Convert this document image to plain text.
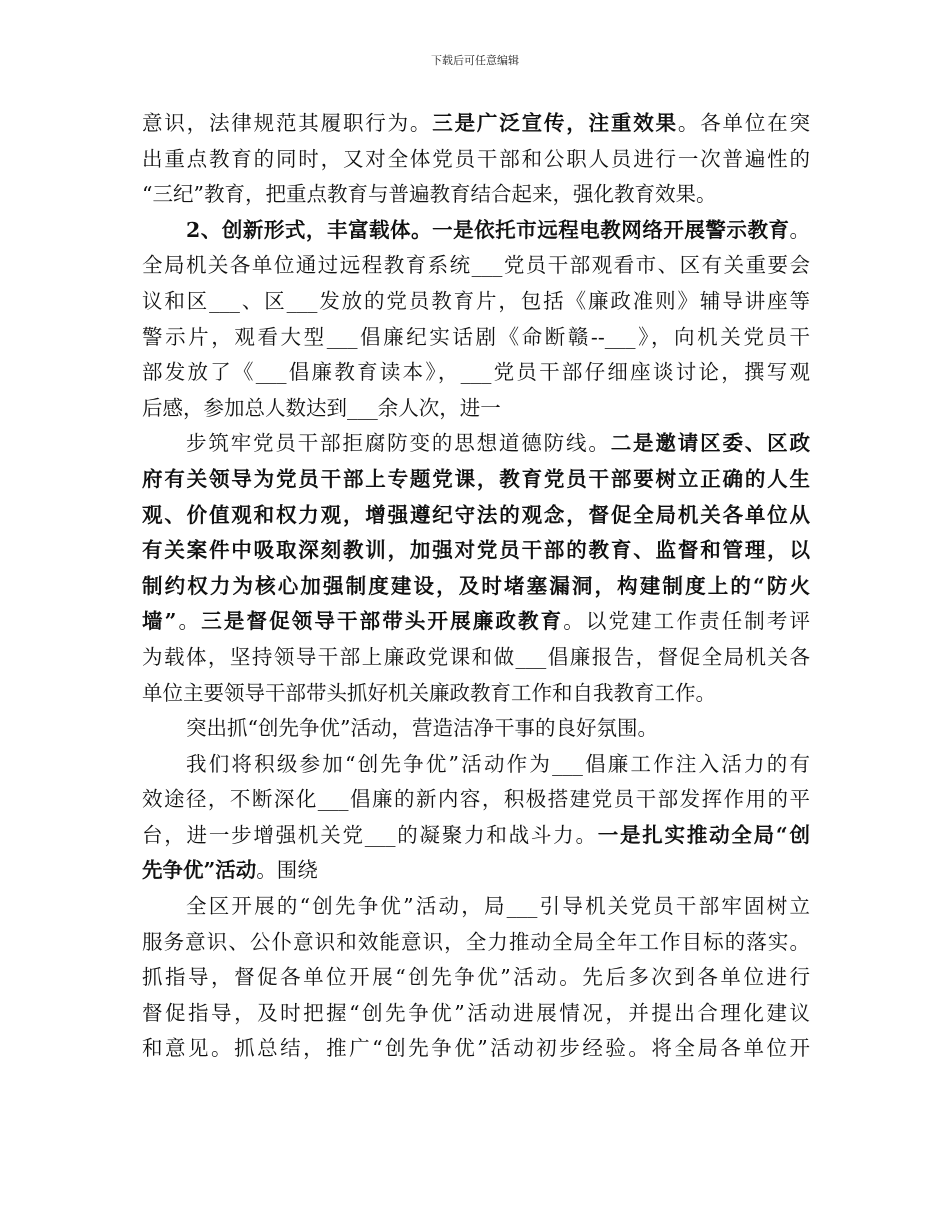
下载后可任意编辑
意识，法律规范其履职行为。三是广泛宣传，注重效果。各单位在突
出重点教育的同时，又对全体党员干部和公职人员进行一次普遍性的
“三纪”教育，把重点教育与普遍教育结合起来，强化教育效果。
2、创新形式，丰富载体。一是依托市远程电教网络开展警示教育。
全局机关各单位通过远程教育系统___党员干部观看市、区有关重要会
议和区___、区___发放的党员教育片，包括《廉政准则》辅导讲座等
警示片，观看大型___倡廉纪实话剧《命断赣--___》，向机关党员干
部发放了《___倡廉教育读本》，___党员干部仔细座谈讨论，撰写观
后感，参加总人数达到___余人次，进一
步筑牢党员干部拒腐防变的思想道德防线。二是邀请区委、区政
府有关领导为党员干部上专题党课，教育党员干部要树立正确的人生
观、价值观和权力观，增强遵纪守法的观念，督促全局机关各单位从
有关案件中吸取深刻教训，加强对党员干部的教育、监督和管理，以
制约权力为核心加强制度建设，及时堵塞漏洞，构建制度上的“防火
墙”。三是督促领导干部带头开展廉政教育。以党建工作责任制考评
为载体，坚持领导干部上廉政党课和做___倡廉报告，督促全局机关各
单位主要领导干部带头抓好机关廉政教育工作和自我教育工作。
突出抓“创先争优”活动，营造洁净干事的良好氛围。
我们将积级参加“创先争优”活动作为___倡廉工作注入活力的有
效途径，不断深化___倡廉的新内容，积极搭建党员干部发挥作用的平
台，进一步增强机关党___的凝聚力和战斗力。一是扎实推动全局“创
先争优”活动。围绕
全区开展的“创先争优”活动，局___引导机关党员干部牢固树立
服务意识、公仆意识和效能意识，全力推动全局全年工作目标的落实。
抓指导，督促各单位开展“创先争优”活动。先后多次到各单位进行
督促指导，及时把握“创先争优”活动进展情况，并提出合理化建议
和意见。抓总结，推广“创先争优”活动初步经验。将全局各单位开
